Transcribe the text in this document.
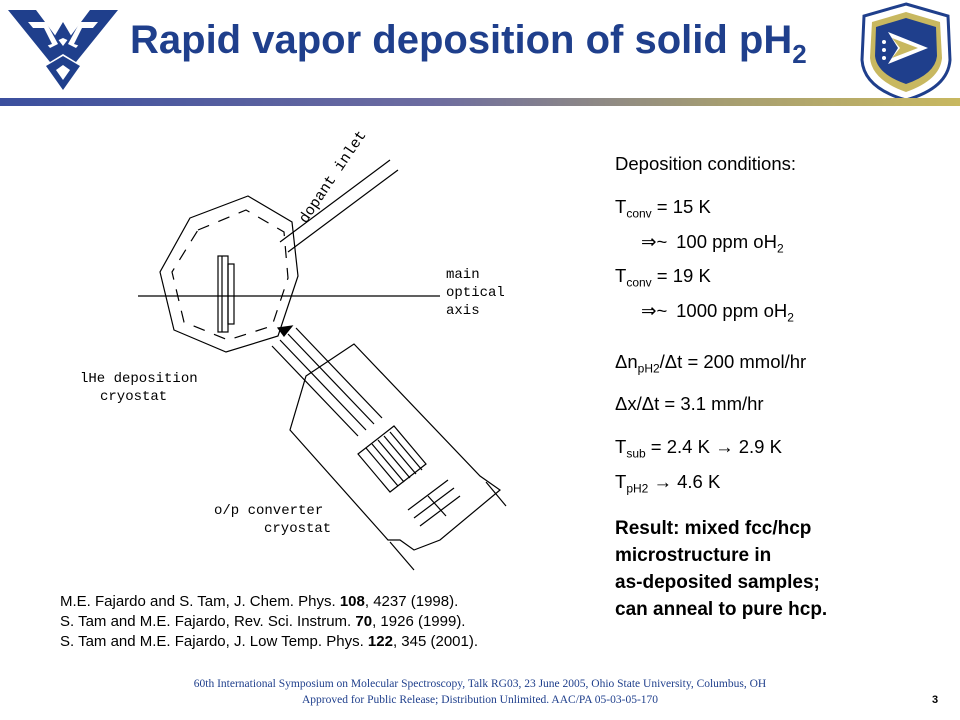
Rapid vapor deposition of solid $pH_2$
dopant inlet
main
optical
axis
lHe deposition
cryostat
o/p converter
cryostat
M.E. Fajardo and S. Tam, J. Chem. Phys. 108, 4237 (1998).
S. Tam and M.E. Fajardo, Rev. Sci. Instrum. 70, 1926 (1999).
S. Tam and M.E. Fajardo, J. Low Temp. Phys. 122, 345 (2001).
Deposition conditions:
$T_{conv} = 15$ K
⇒~ 100 ppm $oH_2$
$T_{conv} = 19$ K
⇒~ 1000 ppm $oH_2$
$\Delta n_{pH2}/\Delta t = 200$ mmol/hr
Δx/Δt = 3.1 mm/hr
$T_{sub} = 2.4$ K → 2.9 K
$T_{pH2} \to 4.6$ K
Result: mixed fcc/hcp
microstructure in
as-deposited samples;
can anneal to pure hcp.
60th International Symposium on Molecular Spectroscopy, Talk RG03, 23 June 2005, Ohio State University, Columbus, OH
Approved for Public Release; Distribution Unlimited. AAC/PA 05-03-05-170	3
